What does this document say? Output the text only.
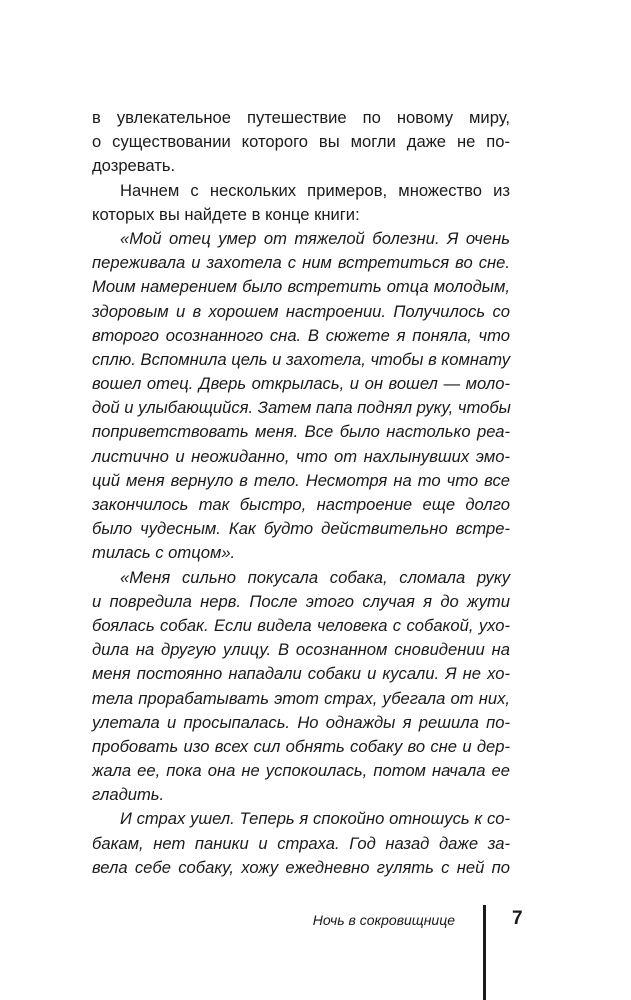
в увлекательное путешествие по новому миру,
о существовании которого вы могли даже не по-
дозревать.
Начнем с нескольких примеров, множество из
которых вы найдете в конце книги:
«Мой отец умер от тяжелой болезни. Я очень
переживала и захотела с ним встретиться во сне.
Моим намерением было встретить отца молодым,
здоровым и в хорошем настроении. Получилось со
второго осознанного сна. В сюжете я поняла, что
сплю. Вспомнила цель и захотела, чтобы в комнату
вошел отец. Дверь открылась, и он вошел — моло-
дой и улыбающийся. Затем папа поднял руку, чтобы
поприветствовать меня. Все было настолько реа-
листично и неожиданно, что от нахлынувших эмо-
ций меня вернуло в тело. Несмотря на то что все
закончилось так быстро, настроение еще долго
было чудесным. Как будто действительно встре-
тилась с отцом».
«Меня сильно покусала собака, сломала руку
и повредила нерв. После этого случая я до жути
боялась собак. Если видела человека с собакой, ухо-
дила на другую улицу. В осознанном сновидении на
меня постоянно нападали собаки и кусали. Я не хо-
тела прорабатывать этот страх, убегала от них,
улетала и просыпалась. Но однажды я решила по-
пробовать изо всех сил обнять собаку во сне и дер-
жала ее, пока она не успокоилась, потом начала ее
гладить.
И страх ушел. Теперь я спокойно отношусь к со-
бакам, нет паники и страха. Год назад даже за-
вела себе собаку, хожу ежедневно гулять с ней по
Ночь в сокровищнице	7
